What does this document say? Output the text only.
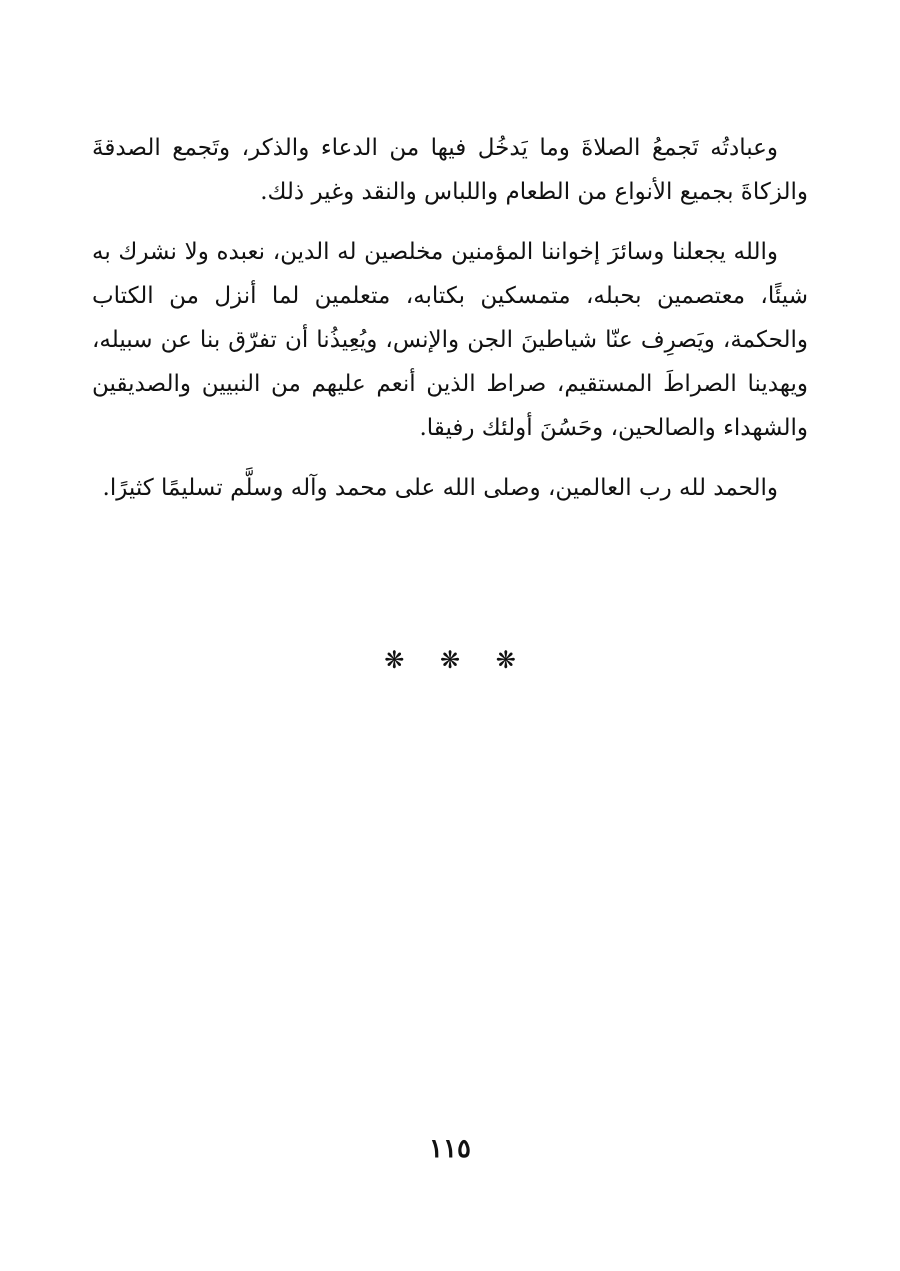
وعبادتُه تَجمعُ الصلاةَ وما يَدخُل فيها من الدعاء والذكر، وتَجمع الصدقةَ والزكاةَ بجميع الأنواع من الطعام واللباس والنقد وغير ذلك.

والله يجعلنا وسائرَ إخواننا المؤمنين مخلصين له الدين، نعبده ولا نشرك به شيئًا، معتصمين بحبله، متمسكين بكتابه، متعلمين لما أنزل من الكتاب والحكمة، ويَصرِف عنّا شياطينَ الجن والإنس، ويُعِيذُنا أن تفرّق بنا عن سبيله، ويهدينا الصراطَ المستقيم، صراط الذين أنعم عليهم من النبيين والصديقين والشهداء والصالحين، وحَسُنَ أولئك رفيقا.

والحمد لله رب العالمين، وصلى الله على محمد وآله وسلَّم تسليمًا كثيرًا.

❋ ❋ ❋
١١٥
